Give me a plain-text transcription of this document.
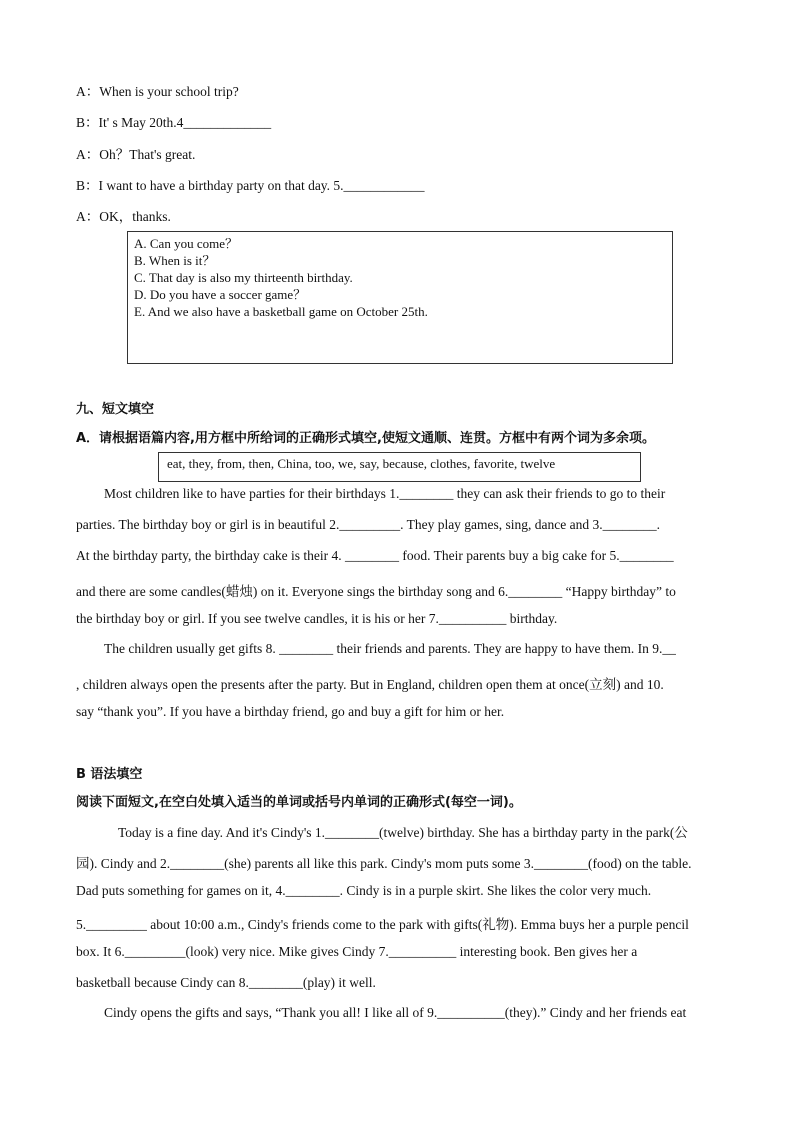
A：When is your school trip?
B：It' s May 20th.4_____________
A：Oh？That's great.
B：I want to have a birthday party on that day. 5.____________
A：OK，thanks.
A. Can you come？
B. When is it？
C. That day is also my thirteenth birthday.
D. Do you have a soccer game？
E. And we also have a basketball game on October 25th.
九、短文填空
A．请根据语篇内容,用方框中所给词的正确形式填空,使短文通顺、连贯。方框中有两个词为多余项。
eat, they, from, then, China, too, we, say, because, clothes, favorite, twelve
Most children like to have parties for their birthdays 1.________ they can ask their friends to go to their
parties. The birthday boy or girl is in beautiful 2._________. They play games, sing, dance and 3.________.
At the birthday party, the birthday cake is their 4. ________ food. Their parents buy a big cake for 5.________
and there are some candles(蜡烛) on it. Everyone sings the birthday song and 6.________ “Happy birthday” to
the birthday boy or girl. If you see twelve candles, it is his or her 7.__________ birthday.
The children usually get gifts 8. ________ their friends and parents. They are happy to have them. In 9.__
, children always open the presents after the party. But in England, children open them at once(立刻) and 10.
say “thank you”. If you have a birthday friend, go and buy a gift for him or her.
B 语法填空
阅读下面短文,在空白处填入适当的单词或括号内单词的正确形式(每空一词)。
Today is a fine day. And it's Cindy's 1.________(twelve) birthday. She has a birthday party in the park(公
园). Cindy and 2.________(she) parents all like this park. Cindy's mom puts some 3.________(food) on the table.
Dad puts something for games on it, 4.________. Cindy is in a purple skirt. She likes the color very much.
5._________ about 10:00 a.m., Cindy's friends come to the park with gifts(礼物). Emma buys her a purple pencil
box. It 6._________(look) very nice. Mike gives Cindy 7.__________ interesting book. Ben gives her a
basketball because Cindy can 8.________(play) it well.
Cindy opens the gifts and says, “Thank you all! I like all of 9.__________(they).” Cindy and her friends eat
